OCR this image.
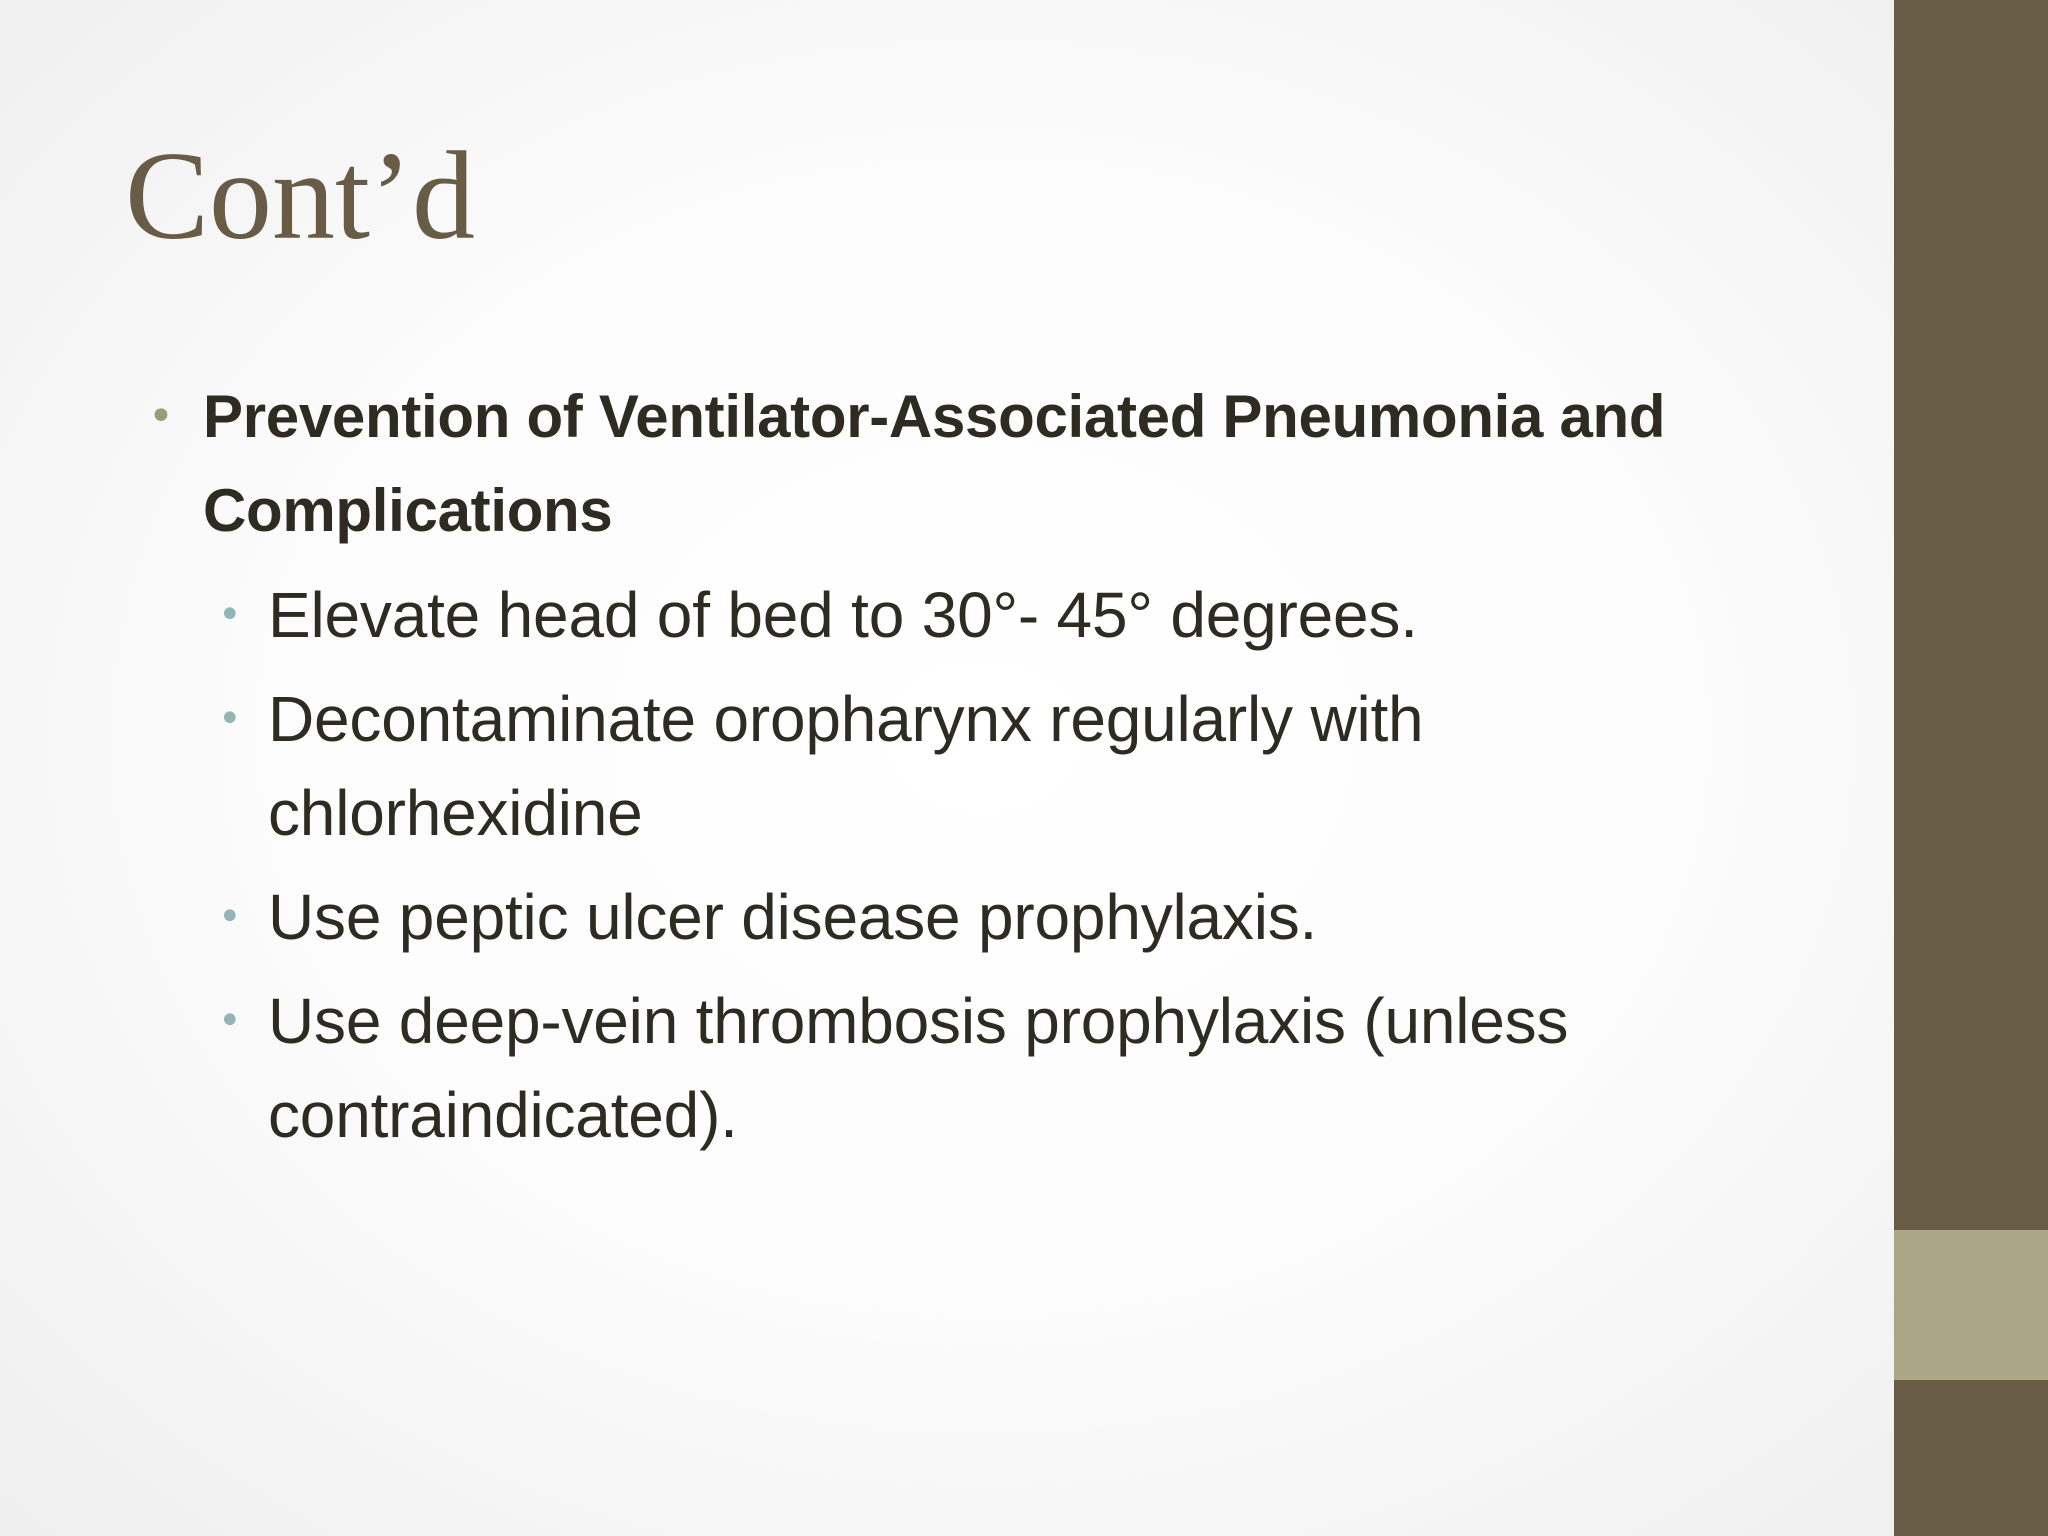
Cont’d
• Prevention of Ventilator-Associated Pneumonia and Complications
• Elevate head of bed to 30°- 45° degrees.
• Decontaminate oropharynx regularly with chlorhexidine
• Use peptic ulcer disease prophylaxis.
• Use deep-vein thrombosis prophylaxis (unless contraindicated).
